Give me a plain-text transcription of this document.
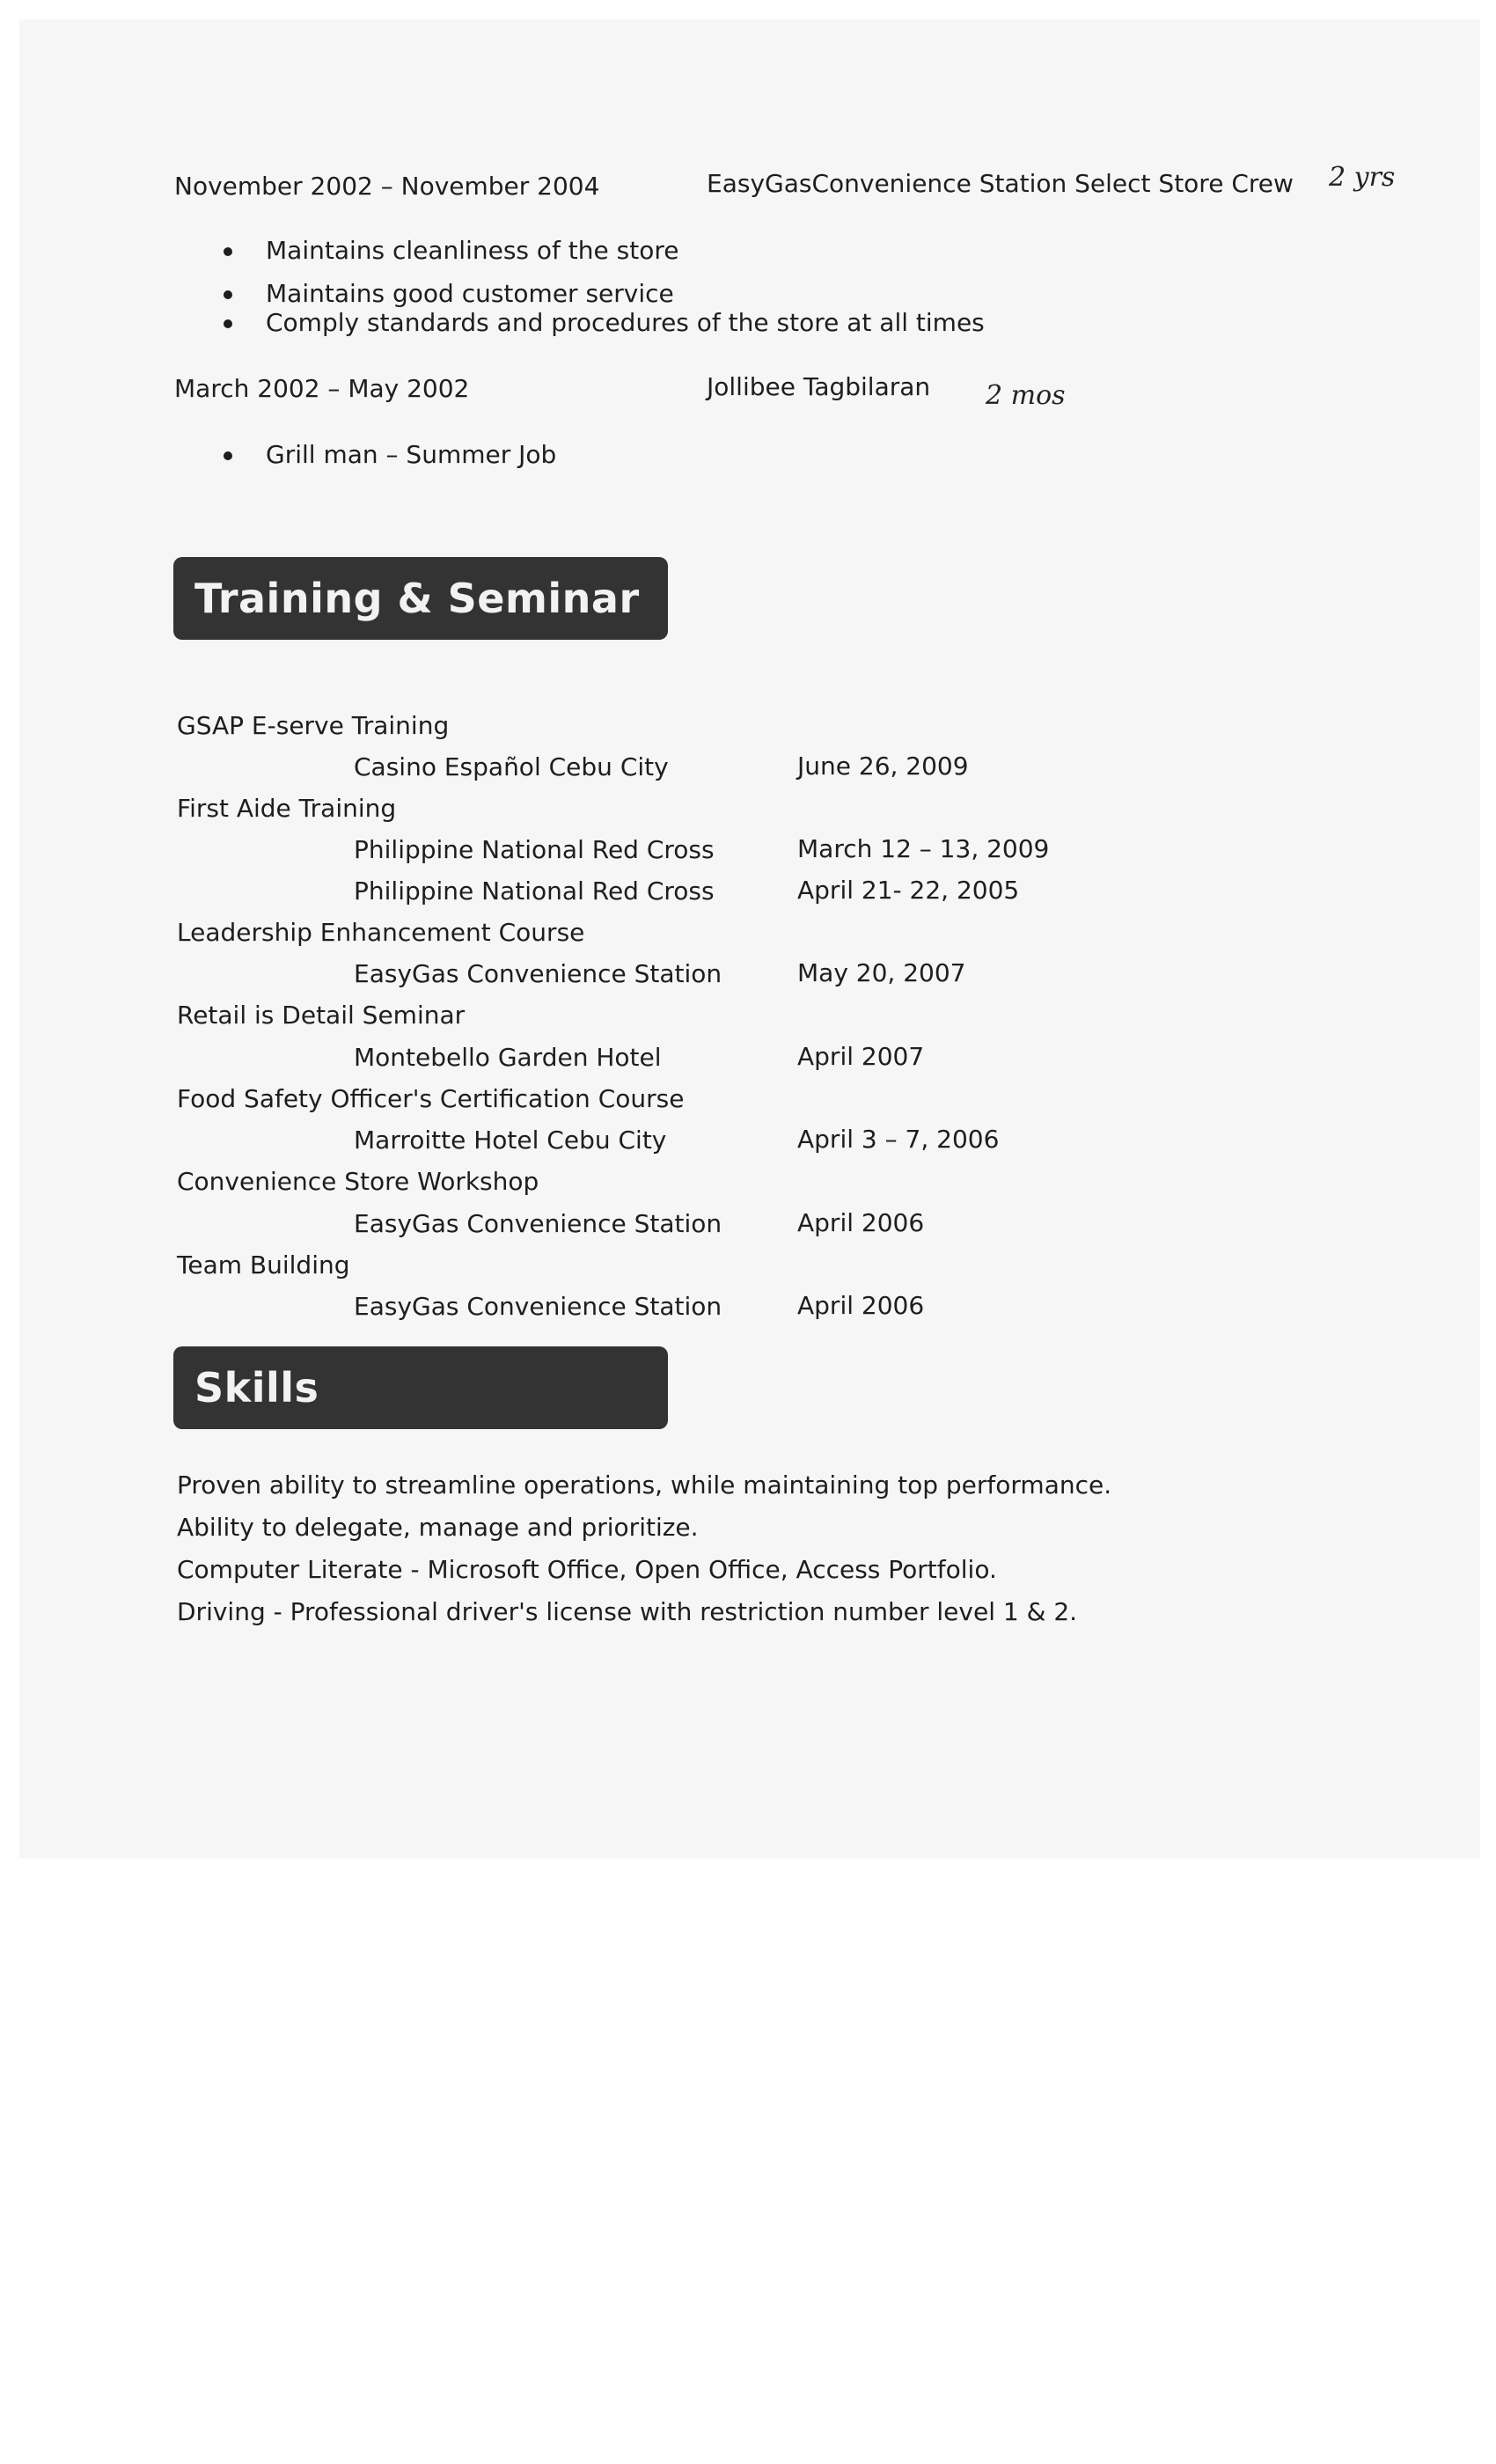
November 2002 – November 2004	EasyGasConvenience Station Select Store Crew 2 yrs
Maintains cleanliness of the store
Maintains good customer service
Comply standards and procedures of the store at all times
March 2002 – May 2002	Jollibee Tagbilaran 2 mos
Grill man – Summer Job
Training & Seminar
GSAP E-serve Training
Casino Español Cebu City	June 26, 2009
First Aide Training
Philippine National Red Cross	March 12 – 13, 2009
Philippine National Red Cross	April 21- 22, 2005
Leadership Enhancement Course
EasyGas Convenience Station	May 20, 2007
Retail is Detail Seminar
Montebello Garden Hotel	April 2007
Food Safety Officer's Certification Course
Marroitte Hotel Cebu City	April 3 – 7, 2006
Convenience Store Workshop
EasyGas Convenience Station	April 2006
Team Building
EasyGas Convenience Station	April 2006
Skills
Proven ability to streamline operations, while maintaining top performance.
Ability to delegate, manage and prioritize.
Computer Literate - Microsoft Office, Open Office, Access Portfolio.
Driving - Professional driver's license with restriction number level 1 & 2.
